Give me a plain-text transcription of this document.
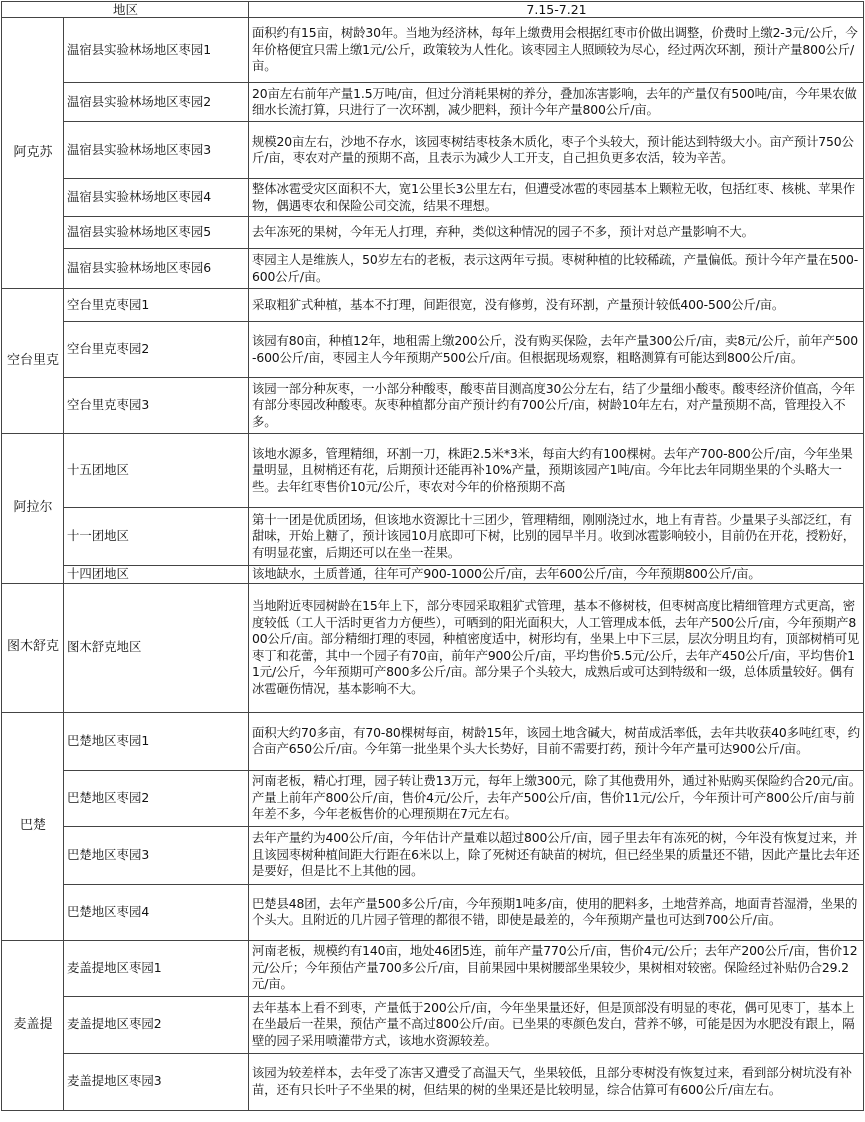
地区		7.15-7.21
阿克苏	温宿县实验林场地区枣园1	面积约有15亩，树龄30年。当地为经济林，每年上缴费用会根据红枣市价做出调整，价费时上缴2-3元/公斤，今年价格便宜只需上缴1元/公斤，政策较为人性化。该枣园主人照顾较为尽心，经过两次环割，预计产量800公斤/亩。
	温宿县实验林场地区枣园2	20亩左右前年产量1.5万吨/亩，但过分消耗果树的养分，叠加冻害影响，去年的产量仅有500吨/亩，今年果农做细水长流打算，只进行了一次环割，减少肥料，预计今年产量800公斤/亩。
	温宿县实验林场地区枣园3	规模20亩左右，沙地不存水，该园枣树结枣枝条木质化，枣子个头较大，预计能达到特级大小。亩产预计750公斤/亩，枣农对产量的预期不高，且表示为减少人工开支，自己担负更多农活，较为辛苦。
	温宿县实验林场地区枣园4	整体冰雹受灾区面积不大，宽1公里长3公里左右，但遭受冰雹的枣园基本上颗粒无收，包括红枣、核桃、苹果作物，偶遇枣农和保险公司交流，结果不理想。
	温宿县实验林场地区枣园5	去年冻死的果树，今年无人打理，弃种，类似这种情况的园子不多，预计对总产量影响不大。
	温宿县实验林场地区枣园6	枣园主人是维族人，50岁左右的老板，表示这两年亏损。枣树种植的比较稀疏，产量偏低。预计今年产量在500-600公斤/亩。
空台里克	空台里克枣园1	采取粗犷式种植，基本不打理，间距很宽，没有修剪，没有环割，产量预计较低400-500公斤/亩。
	空台里克枣园2	该园有80亩，种植12年，地租需上缴200公斤，没有购买保险，去年产量300公斤/亩，卖8元/公斤，前年产500-600公斤/亩，枣园主人今年预期产500公斤/亩。但根据现场观察，粗略测算有可能达到800公斤/亩。
	空台里克枣园3	该园一部分种灰枣，一小部分种酸枣，酸枣苗目测高度30公分左右，结了少量细小酸枣。酸枣经济价值高，今年有部分枣园改种酸枣。灰枣种植都分亩产预计约有700公斤/亩，树龄10年左右，对产量预期不高，管理投入不多。
阿拉尔	十五团地区	该地水源多，管理精细，环割一刀，株距2.5米*3米，每亩大约有100棵树。去年产700-800公斤/亩，今年坐果量明显，且树梢还有花，后期预计还能再补10%产量，预期该园产1吨/亩。今年比去年同期坐果的个头略大一些。去年红枣售价10元/公斤，枣农对今年的价格预期不高
	十一团地区	第十一团是优质团场，但该地水资源比十三团少，管理精细，刚刚浇过水，地上有青苔。少量果子头部泛红，有甜味，开始上糖了，预计该园10月底即可下树，比别的园早半月。收到冰雹影响较小，目前仍在开花，授粉好，有明显花蜜，后期还可以在坐一茬果。
	十四团地区	该地缺水，土质普通，往年可产900-1000公斤/亩，去年600公斤/亩，今年预期800公斤/亩。
图木舒克	图木舒克地区	当地附近枣园树龄在15年上下，部分枣园采取粗犷式管理，基本不修树枝，但枣树高度比精细管理方式更高，密度较低（工人干活时更省力方便些），可晒到的阳光面积大，人工管理成本低，去年产500公斤/亩，今年预期产800公斤/亩。部分精细打理的枣园，种植密度适中，树形均有，坐果上中下三层，层次分明且均有，顶部树梢可见枣丁和花蕾，其中一个园子有70亩，前年产900公斤/亩，平均售价5.5元/公斤，去年产450公斤/亩，平均售价11元/公斤，今年预期可产800多公斤/亩。部分果子个头较大，成熟后或可达到特级和一级，总体质量较好。偶有冰雹砸伤情况，基本影响不大。
巴楚	巴楚地区枣园1	面积大约70多亩，有70-80棵树每亩，树龄15年，该园土地含碱大，树苗成活率低，去年共收获40多吨红枣，约合亩产650公斤/亩。今年第一批坐果个头大长势好，目前不需要打药，预计今年产量可达900公斤/亩。
	巴楚地区枣园2	河南老板，精心打理，园子转让费13万元，每年上缴300元，除了其他费用外，通过补贴购买保险约合20元/亩。产量上前年产800公斤/亩，售价4元/公斤，去年产500公斤/亩，售价11元/公斤，今年预计可产800公斤/亩与前年差不多，今年老板售价的心理预期在7元左右。
	巴楚地区枣园3	去年产量约为400公斤/亩，今年估计产量难以超过800公斤/亩，园子里去年有冻死的树，今年没有恢复过来，并且该园枣树种植间距大行距在6米以上，除了死树还有缺苗的树坑，但已经坐果的质量还不错，因此产量比去年还是要好，但是比不上其他的园。
	巴楚地区枣园4	巴楚县48团，去年产量500多公斤/亩，今年预期1吨多/亩，使用的肥料多，土地营养高，地面青苔湿滑，坐果的个头大。且附近的几片园子管理的都很不错，即使是最差的，今年预期产量也可达到700公斤/亩。
麦盖提	麦盖提地区枣园1	河南老板，规模约有140亩，地处46团5连，前年产量770公斤/亩，售价4元/公斤；去年产200公斤/亩，售价12元/公斤；今年预估产量700多公斤/亩，目前果园中果树腰部坐果较少，果树相对较密。保险经过补贴仍合29.2元/亩。
	麦盖提地区枣园2	去年基本上看不到枣，产量低于200公斤/亩，今年坐果量还好，但是顶部没有明显的枣花，偶可见枣丁，基本上在坐最后一茬果，预估产量不高过800公斤/亩。已坐果的枣颜色发白，营养不够，可能是因为水肥没有跟上，隔壁的园子采用喷灌带方式，该地水资源较差。
	麦盖提地区枣园3	该园为较差样本，去年受了冻害又遭受了高温天气，坐果较低，且部分枣树没有恢复过来，看到部分树坑没有补苗，还有只长叶子不坐果的树，但结果的树的坐果还是比较明显，综合估算可有600公斤/亩左右。
